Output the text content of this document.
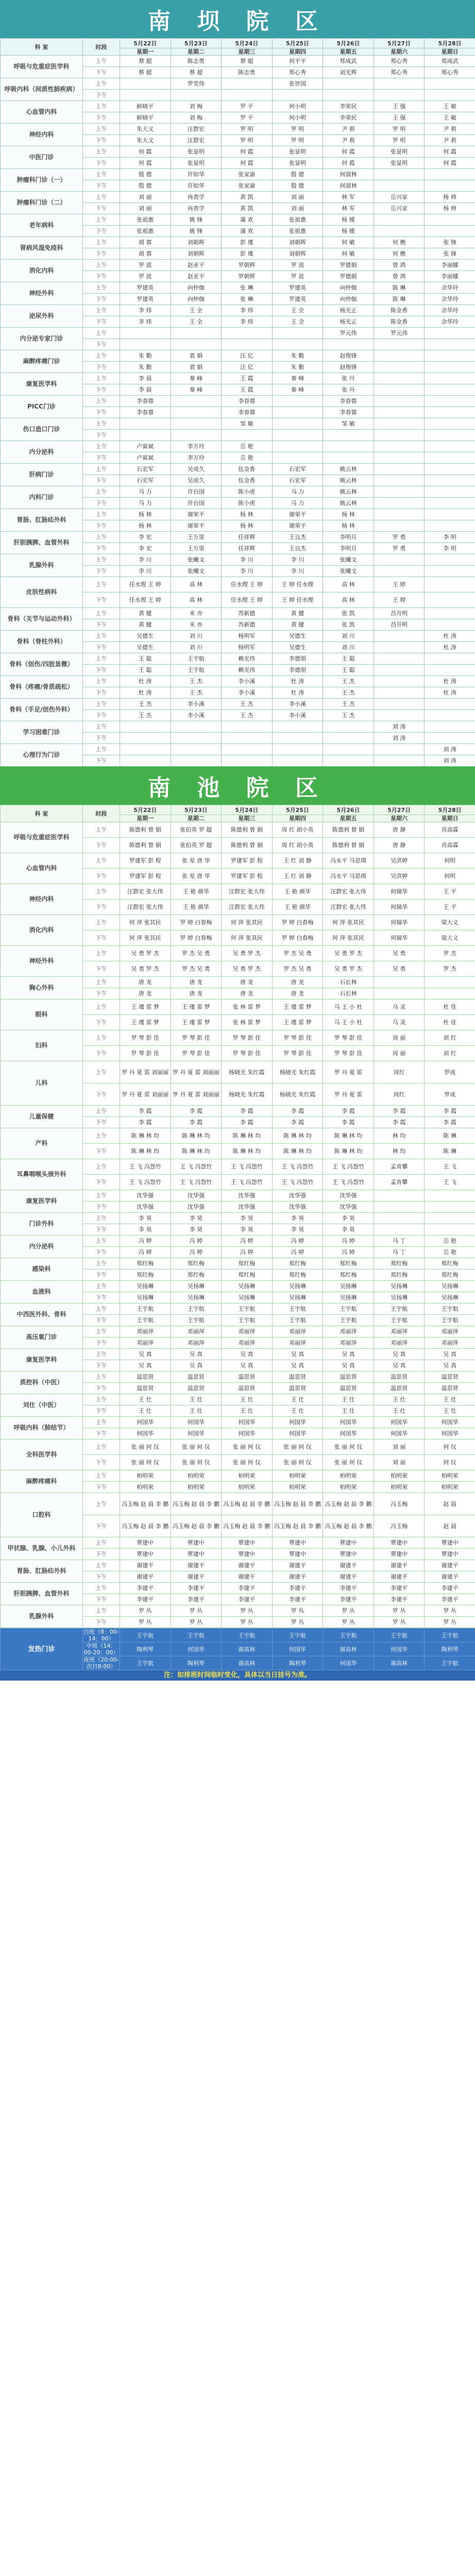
南 坝 院 区
科 室	时段	5月22日	5月23日	5月24日	5月25日	5月26日	5月27日	5月28日
		星期一	星期二	星期三	星期四	星期五	星期六	星期日
呼吸与危重症医学科	上午	蔡 超	陈志勇	蔡 超	何平平	郑成武	郑心秀	郑成武
	下午	蔡 超	蔡 超	陈志勇	郑心秀	刘光辉	郑心秀	郑心秀
呼吸内科（间质性肺疾病）	上午		罗党伟		张世国			
	下午							
心血管内科	上午	鲜晓平	刘 梅	罗 平	何小明	李荣民	王 强	王 敏
	下午	鲜晓平	刘 梅	罗 平	何小明	李荣民	王 强	王 敏
神经内科	上午	朱大义	汪群宏	罗 明	罗 明	尹 莉	罗 明	尹 莉
	下午	朱大义	汪群宏	罗 明	罗 明	尹 莉	罗 明	尹 莉
中医门诊	上午	何 霞	张显明	何 霞	张显明	何 霞	张显明	何 霞
	下午	何 霞	张显明	何 霞	张显明	何 霞	张显明	何 霞
肿瘤科门诊（一）	上午	殷 德	许如华	张家渝	殷 德	何淑林		
	下午	殷 德	许如华	张家渝	殷 德	何淑林		
肿瘤科门诊（二）	上午	刘 丽	冉贵学	黄 凯	刘 丽	林 军	岳兴家	杨 帅
	下午	刘 丽	冉贵学	黄 凯	刘 丽	林 军	岳兴家	杨 帅
老年病科	上午	张祖惠	姚 锋	蒲 欢	张祖惠	杨 媛		
	下午	张祖惠	姚 锋	蒲 欢	张祖惠	杨 媛		
肾病风湿免疫科	上午	胡 蓉	刘朝晖	彭 瑾	刘朝晖	何 敏	何 樵	张 锋
	下午	胡 蓉	刘朝晖	彭 瑾	刘朝晖	何 敏	何 樵	张 锋
消化内科	上午	罗 波	赵亚平	罗朝辉	罗 波	罗德娟	曾 鸿	李丽娜
	下午	罗 波	赵亚平	罗朝辉	罗 波	罗德娟	曾 鸿	李丽娜
神经外科	上午	罗建英	向仲伽	张 琳	罗建英	向仲伽	陈 琳	余华玲
	下午	罗建英	向仲伽	张 琳	罗建英	向仲伽	陈 琳	余华玲
泌尿外科	上午	李 炜	王 全	李 炜	王 全	杨光正	陈金香	余华玲
	下午	李 炜	王 全	李 炜	王 全	杨光正	陈金香	余华玲
内分泌专家门诊	上午					罗元伟	罗元伟	
	下午							
麻醉疼痛门诊	上午	朱 勤	袁 娟	汪 亿	朱 勤	赵俊锋		
	下午	朱 勤	袁 娟	汪 亿	朱 勤	赵俊锋		
康复医学科	上午	李 晨	秦 峰	王 霞	秦 峰	张 丹		
	下午	李 晨	秦 峰	王 霞	秦 峰	张 丹		
PICC门诊	上午	李春蓉		李春蓉		李春蓉		
	下午	李春蓉		李春蓉		李春蓉		
伤口造口门诊	上午			邹 敏		邹 敏		
	下午							
内分泌科	上午	卢富斌	李万玲	岳 艳				
	下午	卢富斌	李万玲	岳 艳				
肝病门诊	上午	石宏军	吴成久	伍金香	石宏军	姚云林		
	下午	石宏军	吴成久	伍金香	石宏军	姚云林		
内科门诊	上午	马 力	许台国	陈小虎	马 力	姚云林		
	下午	马 力	许台国	陈小虎	马 力	姚云林		
胃肠、肛肠疝外科	上午	杨 林	谢荣平	杨 林	谢荣平	杨 林		
	下午	杨 林	谢荣平	杨 林	谢荣平	杨 林		
肝胆胰脾、血管外科	上午	李 宏	王万里	任祥辉	王良杰	李明月	罗 勇	李 明
	下午	李 宏	王万里	任祥辉	王良杰	李明月	罗 勇	李 明
乳腺外科	上午	李 川	张曦文	李 川	李 川	张曦文		
	下午	李 川	张曦文	李 川	李 川	张曦文		
皮肤性病科	上午	任水理 王 婷	高 林	任水理 王 婷	王 婷 任水理	高 林	王 婷	
	下午	任水理 王 婷	高 林	任水理 王 婷	王 婷 任水理	高 林	王 婷	
骨科（关节与运动外科）	上午	黄 健	米 亦	苏新德	黄 健	张 凯	昌开明	
	下午	黄 健	米 亦	苏新德	黄 健	张 凯	昌开明	
骨科（脊柱外科）	上午	吴德生	刘 川	杨明军	吴德生	刘 川		杜 涛
	下午	吴德生	刘 川	杨明军	吴德生	刘 川		杜 涛
骨科（创伤/四肢显微）	上午	王 聪	王宇航	赖光伟	李德朋	王 聪		
	下午	王 聪	王宇航	赖光伟	李德朋	王 聪		
骨科（疼痛/骨质疏松）	上午	杜 涛	王 杰	李小溪	杜 涛	王 杰		杜 涛
	下午	杜 涛	王 杰	李小溪	杜 涛	王 杰		杜 涛
骨科（手足/创伤外科）	上午	王 杰	李小溪	王 杰	李小溪	王 杰		
	下午	王 杰	李小溪	王 杰	李小溪	王 杰		
学习困难门诊	上午						刘 涛	
	下午						刘 涛	
心理行为门诊	上午							刘 涛
	下午							刘 涛
南 池 院 区
科 室	时段	5月22日	5月23日	5月24日	5月25日	5月26日	5月27日	5月28日
		星期一	星期二	星期三	星期四	星期五	星期六	星期日
呼吸与危重症医学科	上午	陈德利 曾 娟	张伯英 罗 超	陈德利 曾 娟	周 红 胡小英	陈德利 曾 娟	唐 静	肖高霖
	下午	陈德利 曾 娟	张伯英 罗 超	陈德利 曾 娟	周 红 胡小英	陈德利 曾 娟	唐 静	肖高霖
心血管内科	上午	罗建军 彭 程	张 星 唐 华	罗建军 彭 程	王 红 刘 静	冯永平 马思琪	吴洪婷	何明
	下午	罗建军 彭 程	张 星 唐 华	罗建军 彭 程	王 红 刘 静	冯永平 马思琪	吴洪婷	何明
神经内科	上午	汪群宏 张大伟	王 艳 颜华	汪群宏 张大伟	王 艳 颜华	汪群宏 张大伟	何瑞华	王 平
	下午	汪群宏 张大伟	王 艳 颜华	汪群宏 张大伟	王 艳 颜华	汪群宏 张大伟	何瑞华	王 平
消化内科	上午	何 萍 张其民	罗 婷 白春梅	何 萍 张其民	罗 婷 白春梅	何 萍 张其民	何瑞华	梁大义
	下午	何 萍 张其民	罗 婷 白春梅	何 萍 张其民	罗 婷 白春梅	何 萍 张其民	何瑞华	梁大义
神经外科	上午	吴 勇 罗 杰	罗 杰 吴 勇	吴 勇 罗 杰	罗 杰 吴 勇	吴 勇 罗 杰	吴 勇	罗 杰
	下午	吴 勇 罗 杰	罗 杰 吴 勇	吴 勇 罗 杰	罗 杰 吴 勇	吴 勇 罗 杰	吴 勇	罗 杰
胸心外科	上午	唐 龙	唐 龙	唐 龙	唐 龙	石长林		
	下午	唐 龙	唐 龙	唐 龙	唐 龙	石长林		
眼科	上午	王 瑾 雷 梦	王 瑾 雷 梦	张 林 雷 梦	王 瑾 雷 梦	马 王 小 杜	马 灵	杜 佳
	下午	王 瑾 雷 梦	王 瑾 雷 梦	张 林 雷 梦	王 瑾 雷 梦	马 王 小 杜	马 灵	杜 佳
妇科	上午	罗 琴 彭 佳	罗 琴 彭 佳	罗 琴 彭 佳	罗 琴 彭 佳	罗 琴 彭 佳	周 丽	刘 红
	下午	罗 琴 彭 佳	罗 琴 彭 佳	罗 琴 彭 佳	罗 琴 彭 佳	罗 琴 彭 佳	周 丽	刘 红
儿科	上午	罗 丹 夏 雷 刘丽丽	罗 丹 夏 雷 刘丽丽	杨晓光 朱红霞	杨晓光 朱红霞	罗 丹 夏 雷	周红	罗成
	下午	罗 丹 夏 雷 刘丽丽	罗 丹 夏 雷 刘丽丽	杨晓光 朱红霞	杨晓光 朱红霞	罗 丹 夏 雷	周红	罗成
儿童保健	上午	李 霞	李 霞	李 霞	李 霞	李 霞	李 霞	李 霞
	下午	李 霞	李 霞	李 霞	李 霞	李 霞	李 霞	李 霞
产科	上午	陈 琳 林 均	陈 琳 林 均	陈 琳 林 均	陈 琳 林 均	陈 琳 林 均	林 均	陈 琳
	下午	陈 琳 林 均	陈 琳 林 均	陈 琳 林 均	陈 琳 林 均	陈 琳 林 均	林 均	陈 琳
耳鼻咽喉头颈外科	上午	王 飞 冯怨竹	王 飞 冯怨竹	王 飞 冯怨竹	王 飞 冯怨竹	王 飞 冯怨竹	孟育攀	王 飞
	下午	王 飞 冯怨竹	王 飞 冯怨竹	王 飞 冯怨竹	王 飞 冯怨竹	王 飞 冯怨竹	孟育攀	王 飞
康复医学科	上午	沈华强	沈华强	沈华强	沈华强	沈华强		
	下午	沈华强	沈华强	沈华强	沈华强	沈华强		
门诊外科	上午	李 昊	李 昊	李 昊	李 昊	李 昊		
	下午	李 昊	李 昊	李 昊	李 昊	李 昊		
内分泌科	上午	冯 婷	冯 婷	冯 婷	冯 婷	冯 婷	马 丁	岳 艳
	下午	冯 婷	冯 婷	冯 婷	冯 婷	冯 婷	马 丁	岳 艳
感染科	上午	郑红梅	郑红梅	郑红梅	郑红梅	郑红梅	郑红梅	郑红梅
	下午	郑红梅	郑红梅	郑红梅	郑红梅	郑红梅	郑红梅	郑红梅
血液科	上午	吴扬琳	吴扬琳	吴扬琳	吴扬琳	吴扬琳	吴扬琳	吴扬琳
	下午	吴扬琳	吴扬琳	吴扬琳	吴扬琳	吴扬琳	吴扬琳	吴扬琳
中西医外科、骨科	上午	王宇航	王宇航	王宇航	王宇航	王宇航	王宇航	王宇航
	下午	王宇航	王宇航	王宇航	王宇航	王宇航	王宇航	王宇航
高压氧门诊	上午	邓丽萍	邓丽萍	邓丽萍	邓丽萍	邓丽萍	邓丽萍	邓丽萍
	下午	邓丽萍	邓丽萍	邓丽萍	邓丽萍	邓丽萍	邓丽萍	邓丽萍
康复医学科	上午	吴 真	吴 真	吴 真	吴 真	吴 真	吴 真	吴 真
	下午	吴 真	吴 真	吴 真	吴 真	吴 真	吴 真	吴 真
质控科（中医）	上午	温思贤	温思贤	温思贤	温思贤	温思贤	温思贤	温思贤
	下午	温思贤	温思贤	温思贤	温思贤	温思贤	温思贤	温思贤
刘仕（中医）	上午	王 仕	王 仕	王 仕	王 仕	王 仕	王 仕	王 仕
	下午	王 仕	王 仕	王 仕	王 仕	王 仕	王 仕	王 仕
呼吸内科（肺结节）	上午	何国华	何国华	何国华	何国华	何国华	何国华	何国华
	下午	何国华	何国华	何国华	何国华	何国华	何国华	何国华
全科医学科	上午	张 丽 何 仪	张 丽 何 仪	张 丽 何 仪	张 丽 何 仪	张 丽 何 仪	刘 丽	何 仪
	下午	张 丽 何 仪	张 丽 何 仪	张 丽 何 仪	张 丽 何 仪	张 丽 何 仪	刘 丽	何 仪
麻醉疼痛科	上午	柏明荣	柏明荣	柏明荣	柏明荣	柏明荣	柏明荣	柏明荣
	下午	柏明荣	柏明荣	柏明荣	柏明荣	柏明荣	柏明荣	柏明荣
口腔科	上午	冯玉梅 赵 晨 李 鹏	冯玉梅 赵 晨 李 鹏	冯玉梅 赵 晨 李 鹏	冯玉梅 赵 晨 李 鹏	冯玉梅 赵 晨 李 鹏	冯玉梅	赵 晨
	下午	冯玉梅 赵 晨 李 鹏	冯玉梅 赵 晨 李 鹏	冯玉梅 赵 晨 李 鹏	冯玉梅 赵 晨 李 鹏	冯玉梅 赵 晨 李 鹏	冯玉梅	赵 晨
甲状腺、乳腺、小儿外科	上午	覃建中	覃建中	覃建中	覃建中	覃建中	覃建中	覃建中
	下午	覃建中	覃建中	覃建中	覃建中	覃建中	覃建中	覃建中
胃肠、肛肠疝外科	上午	谢建平	谢建平	谢建平	谢建平	谢建平	谢建平	谢建平
	下午	谢建平	谢建平	谢建平	谢建平	谢建平	谢建平	谢建平
肝胆胰脾、血管外科	上午	李建平	李建平	李建平	李建平	李建平	李建平	李建平
	下午	李建平	李建平	李建平	李建平	李建平	李建平	李建平
乳腺外科	上午	罗 丛	罗 丛	罗 丛	罗 丛	罗 丛	罗 丛	罗 丛
	下午	罗 丛	罗 丛	罗 丛	罗 丛	罗 丛	罗 丛	罗 丛
发热门诊	白班（8：00-14：00）	王宇航	王宇航	王宇航	王宇航	王宇航	王宇航	王宇航
	中班（14：00-20：00）	陶利琴	何国华	谢高林	何国华	谢高林	何国华	陶利琴
	夜班（20:00-次日8:00）	王宇航	陶利琴	谢高林	陶利琴	何国华	谢高林	王宇航
注：如排班时间临时变化，具体以当日挂号为准。
